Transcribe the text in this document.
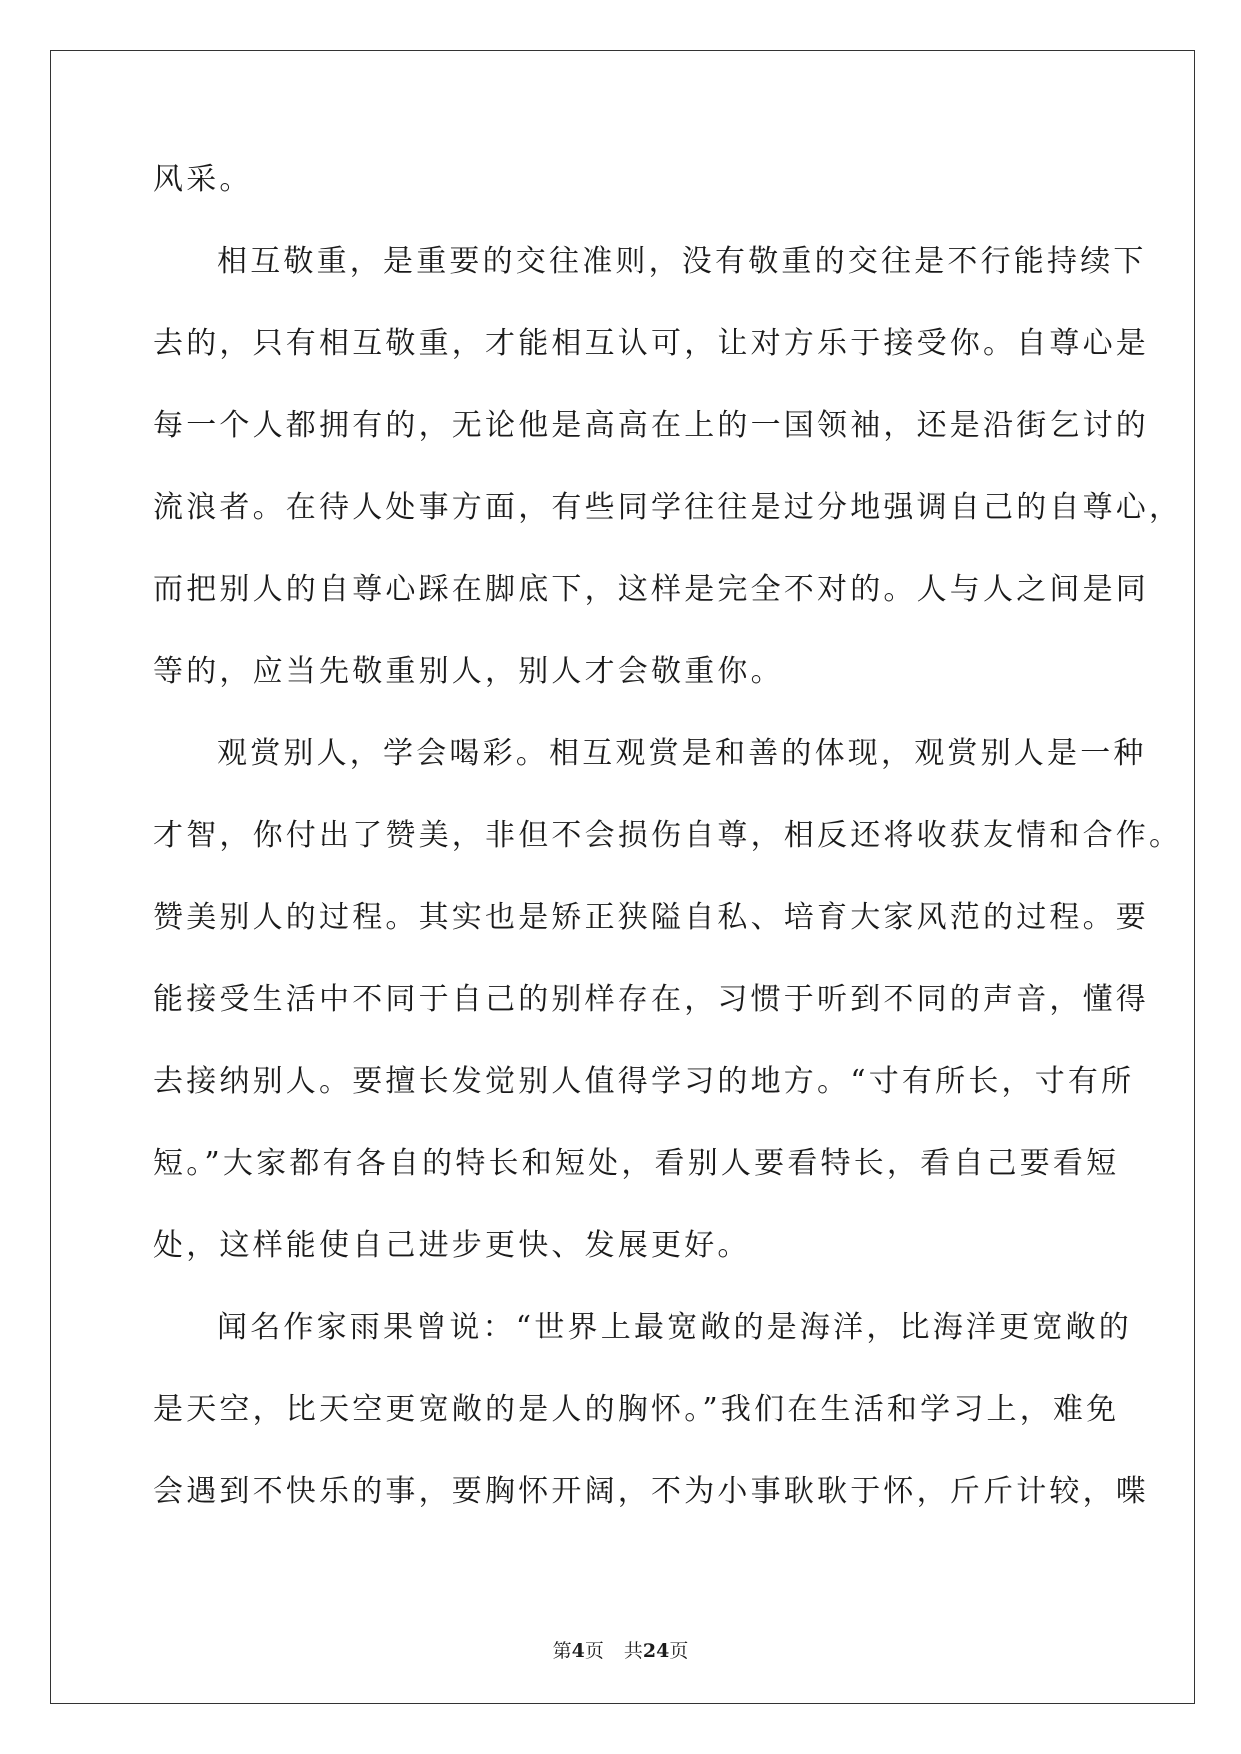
风采。
相互敬重，是重要的交往准则，没有敬重的交往是不行能持续下
去的，只有相互敬重，才能相互认可，让对方乐于接受你。自尊心是
每一个人都拥有的，无论他是高高在上的一国领袖，还是沿街乞讨的
流浪者。在待人处事方面，有些同学往往是过分地强调自己的自尊心，
而把别人的自尊心踩在脚底下，这样是完全不对的。人与人之间是同
等的，应当先敬重别人，别人才会敬重你。
观赏别人，学会喝彩。相互观赏是和善的体现，观赏别人是一种
才智，你付出了赞美，非但不会损伤自尊，相反还将收获友情和合作。
赞美别人的过程。其实也是矫正狭隘自私、培育大家风范的过程。要
能接受生活中不同于自己的别样存在，习惯于听到不同的声音，懂得
去接纳别人。要擅长发觉别人值得学习的地方。“寸有所长，寸有所
短。”大家都有各自的特长和短处，看别人要看特长，看自己要看短
处，这样能使自己进步更快、发展更好。
闻名作家雨果曾说：“世界上最宽敞的是海洋，比海洋更宽敞的
是天空，比天空更宽敞的是人的胸怀。”我们在生活和学习上，难免
会遇到不快乐的事，要胸怀开阔，不为小事耿耿于怀，斤斤计较，喋
第4页 共24页
